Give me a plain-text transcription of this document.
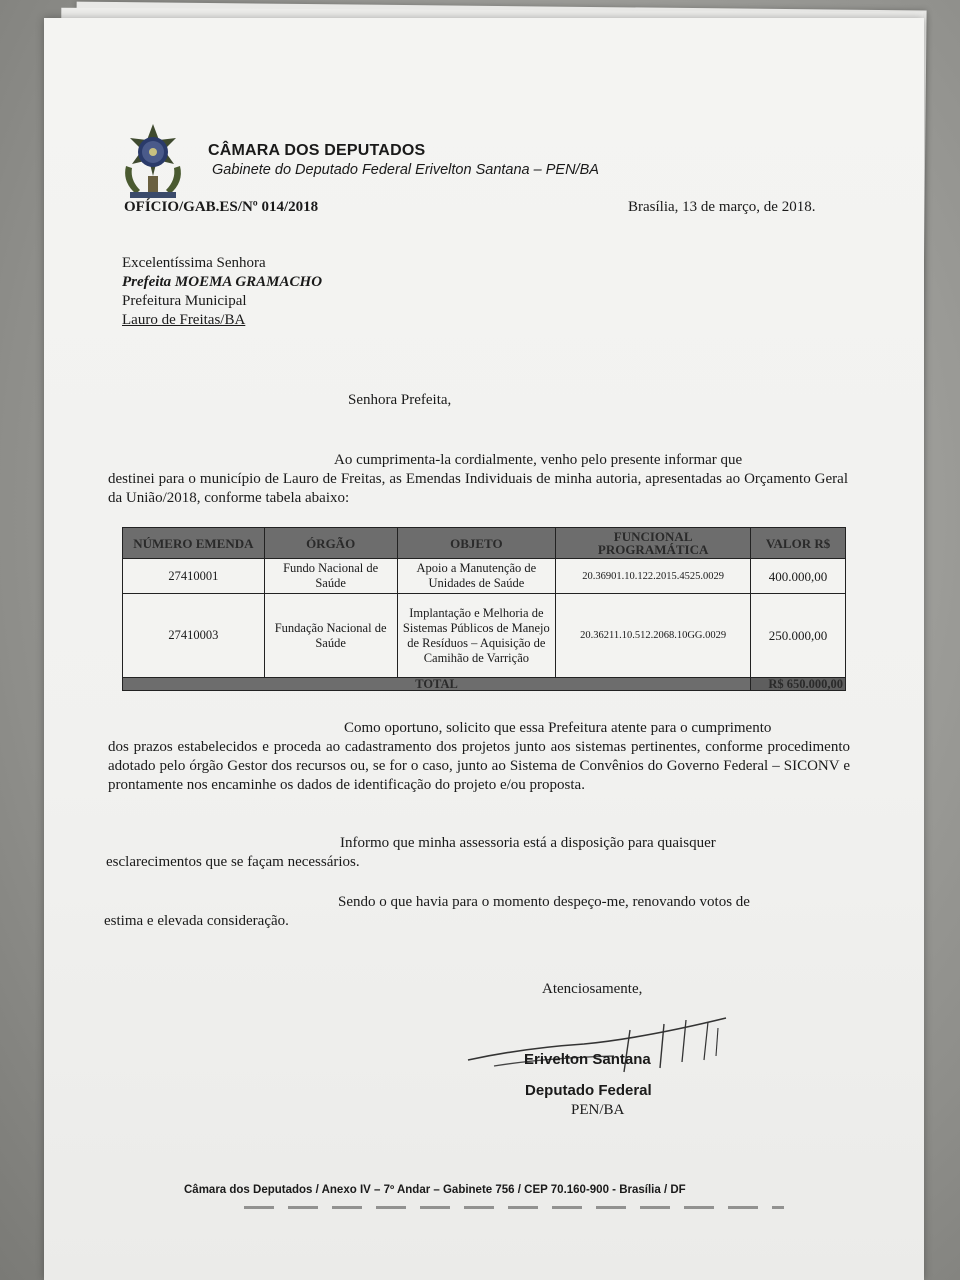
CÂMARA DOS DEPUTADOS
Gabinete do Deputado Federal Erivelton Santana – PEN/BA
OFÍCIO/GAB.ES/Nº 014/2018	Brasília, 13 de março, de 2018.
Excelentíssima Senhora
Prefeita MOEMA GRAMACHO
Prefeitura Municipal
Lauro de Freitas/BA
Senhora Prefeita,
Ao cumprimenta-la cordialmente, venho pelo presente informar que
destinei para o município de Lauro de Freitas, as Emendas Individuais de minha autoria, apresentadas ao Orçamento Geral da União/2018, conforme tabela abaixo:
NÚMERO EMENDA	ÓRGÃO	OBJETO	FUNCIONAL PROGRAMÁTICA	VALOR R$
27410001	Fundo Nacional de Saúde	Apoio a Manutenção de Unidades de Saúde	20.36901.10.122.2015.4525.0029	400.000,00
27410003	Fundação Nacional de Saúde	Implantação e Melhoria de Sistemas Públicos de Manejo de Resíduos – Aquisição de Camihão de Varrição	20.36211.10.512.2068.10GG.0029	250.000,00
TOTAL				R$ 650.000,00
Como oportuno, solicito que essa Prefeitura atente para o cumprimento
dos prazos estabelecidos e proceda ao cadastramento dos projetos junto aos sistemas pertinentes, conforme procedimento adotado pelo órgão Gestor dos recursos ou, se for o caso, junto ao Sistema de Convênios do Governo Federal – SICONV e prontamente nos encaminhe os dados de identificação do projeto e/ou proposta.
Informo que minha assessoria está a disposição para quaisquer
esclarecimentos que se façam necessários.
Sendo o que havia para o momento despeço-me, renovando votos de
estima e elevada consideração.
Atenciosamente,
Erivelton Santana
Deputado Federal
PEN/BA
Câmara dos Deputados / Anexo IV – 7º Andar – Gabinete 756 / CEP 70.160-900 - Brasília / DF
